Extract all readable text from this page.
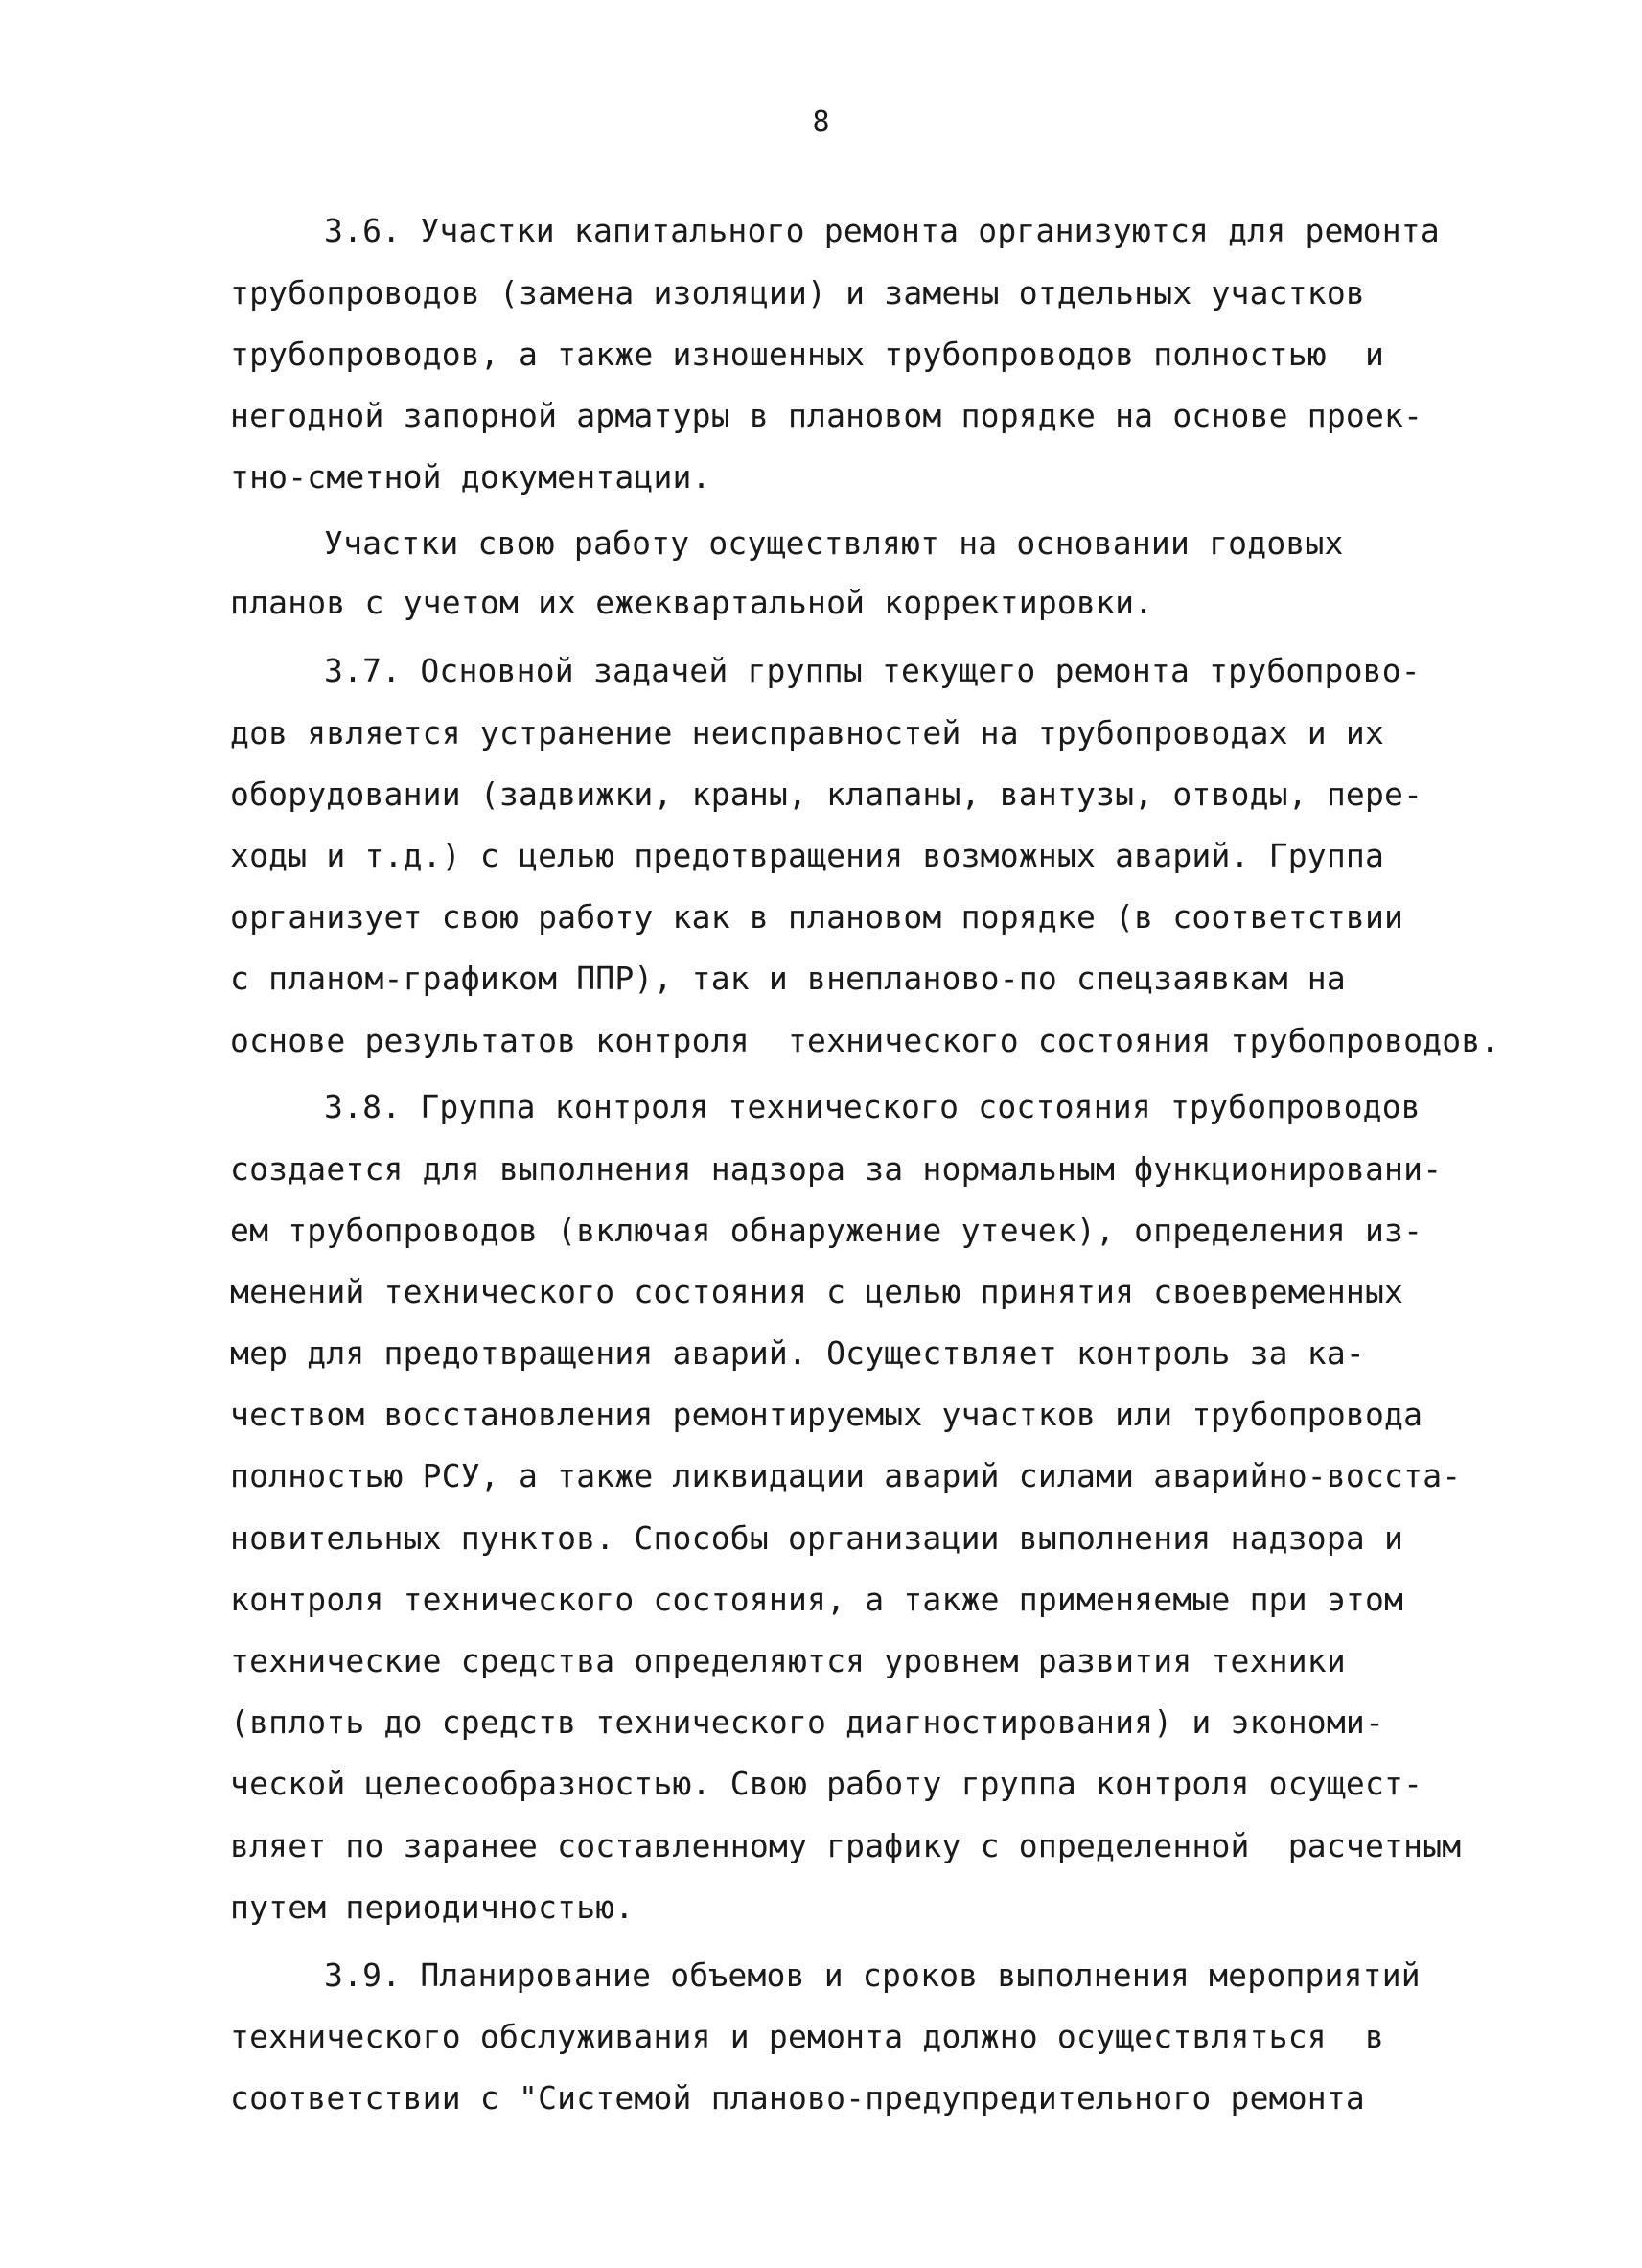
8
3.6. Участки капитального ремонта организуются для ремонта
трубопроводов (замена изоляции) и замены отдельных участков
трубопроводов, а также изношенных трубопроводов полностью  и
негодной запорной арматуры в плановом порядке на основе проек-
тно-сметной документации.
Участки свою работу осуществляют на основании годовых
планов с учетом их ежеквартальной корректировки.
3.7. Основной задачей группы текущего ремонта трубопрово-
дов является устранение неисправностей на трубопроводах и их
оборудовании (задвижки, краны, клапаны, вантузы, отводы, пере-
ходы и т.д.) с целью предотвращения возможных аварий. Группа
организует свою работу как в плановом порядке (в соответствии
с планом-графиком ППР), так и внепланово-по спецзаявкам на
основе результатов контроля  технического состояния трубопроводов.
3.8. Группа контроля технического состояния трубопроводов
создается для выполнения надзора за нормальным функционировани-
ем трубопроводов (включая обнаружение утечек), определения из-
менений технического состояния с целью принятия своевременных
мер для предотвращения аварий. Осуществляет контроль за ка-
чеством восстановления ремонтируемых участков или трубопровода
полностью РСУ, а также ликвидации аварий силами аварийно-восста-
новительных пунктов. Способы организации выполнения надзора и
контроля технического состояния, а также применяемые при этом
технические средства определяются уровнем развития техники
(вплоть до средств технического диагностирования) и экономи-
ческой целесообразностью. Свою работу группа контроля осущест-
вляет по заранее составленному графику с определенной  расчетным
путем периодичностью.
3.9. Планирование объемов и сроков выполнения мероприятий
технического обслуживания и ремонта должно осуществляться  в
соответствии с "Системой планово-предупредительного ремонта
